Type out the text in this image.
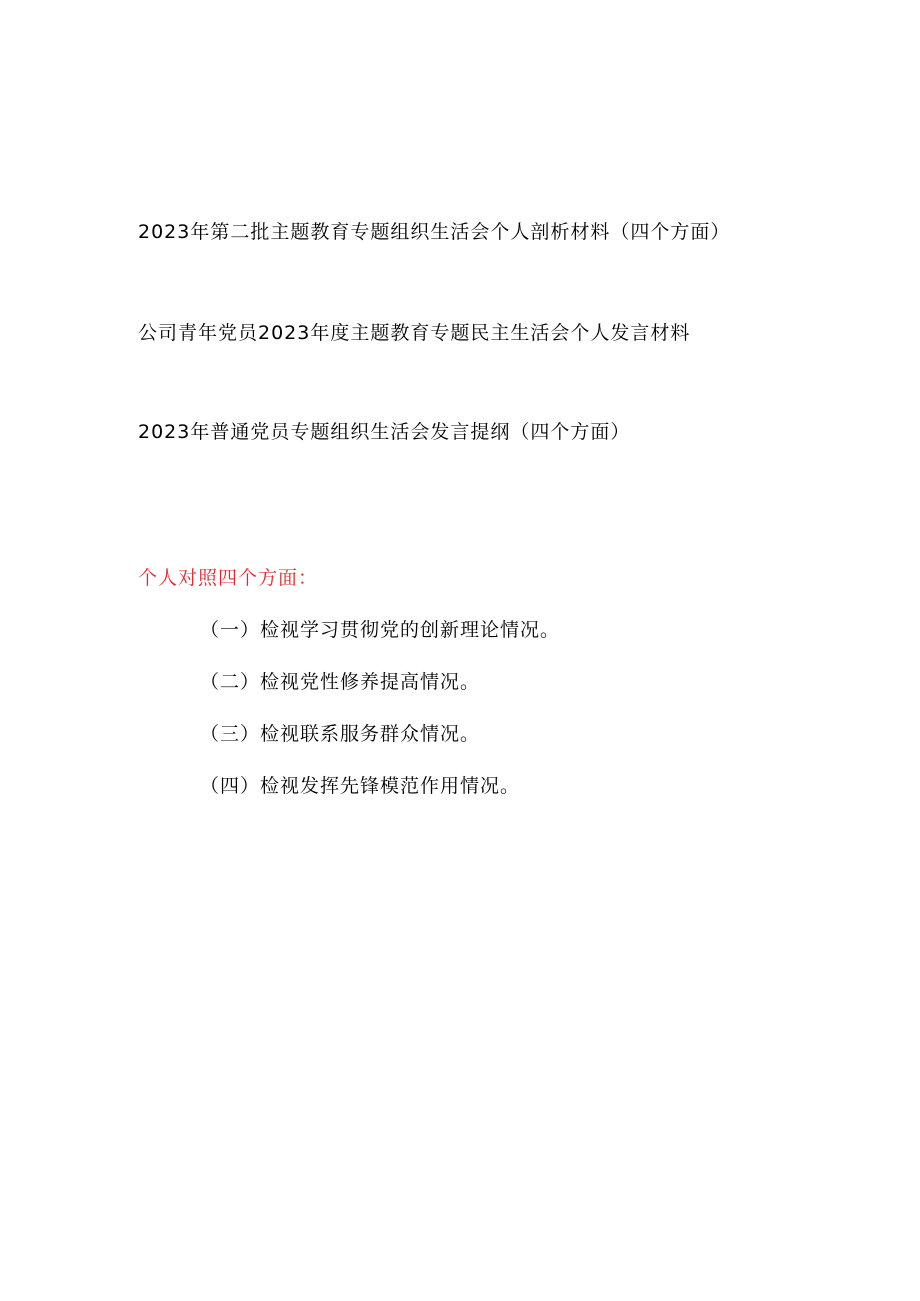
2023年第二批主题教育专题组织生活会个人剖析材料（四个方面）
公司青年党员2023年度主题教育专题民主生活会个人发言材料
2023年普通党员专题组织生活会发言提纲（四个方面）

个人对照四个方面：

（一）检视学习贯彻党的创新理论情况。
（二）检视党性修养提高情况。
（三）检视联系服务群众情况。
（四）检视发挥先锋模范作用情况。
